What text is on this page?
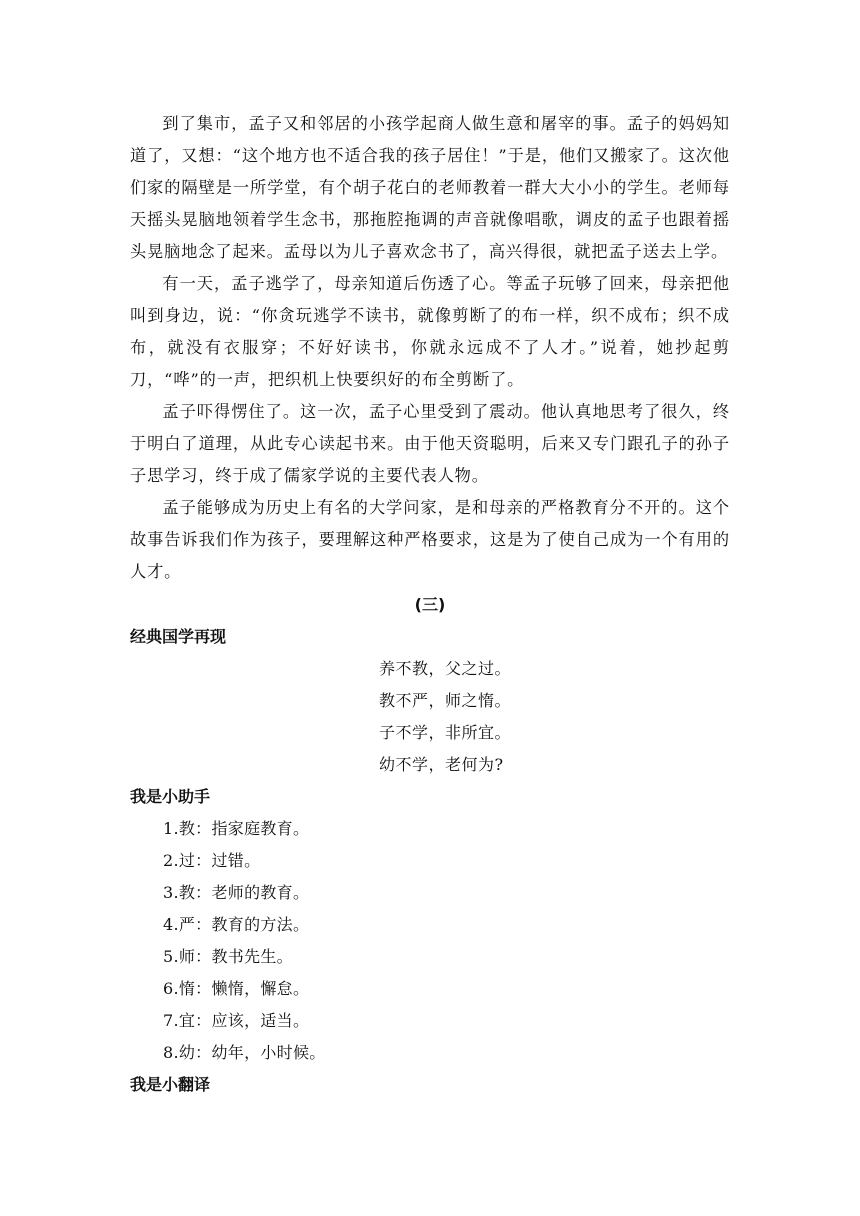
到了集市，孟子又和邻居的小孩学起商人做生意和屠宰的事。孟子的妈妈知道了，又想：“这个地方也不适合我的孩子居住！”于是，他们又搬家了。这次他们家的隔壁是一所学堂，有个胡子花白的老师教着一群大大小小的学生。老师每天摇头晃脑地领着学生念书，那拖腔拖调的声音就像唱歌，调皮的孟子也跟着摇头晃脑地念了起来。孟母以为儿子喜欢念书了，高兴得很，就把孟子送去上学。

有一天，孟子逃学了，母亲知道后伤透了心。等孟子玩够了回来，母亲把他叫到身边，说：“你贪玩逃学不读书，就像剪断了的布一样，织不成布；织不成布，就没有衣服穿；不好好读书，你就永远成不了人才。”说着，她抄起剪刀，“哗”的一声，把织机上快要织好的布全剪断了。

孟子吓得愣住了。这一次，孟子心里受到了震动。他认真地思考了很久，终于明白了道理，从此专心读起书来。由于他天资聪明，后来又专门跟孔子的孙子子思学习，终于成了儒家学说的主要代表人物。

孟子能够成为历史上有名的大学问家，是和母亲的严格教育分不开的。这个故事告诉我们作为孩子，要理解这种严格要求，这是为了使自己成为一个有用的人才。

(三)
经典国学再现
养不教，父之过。
教不严，师之惰。
子不学，非所宜。
幼不学，老何为?
我是小助手
1.教：指家庭教育。
2.过：过错。
3.教：老师的教育。
4.严：教育的方法。
5.师：教书先生。
6.惰：懒惰，懈怠。
7.宜：应该，适当。
8.幼：幼年，小时候。
我是小翻译
